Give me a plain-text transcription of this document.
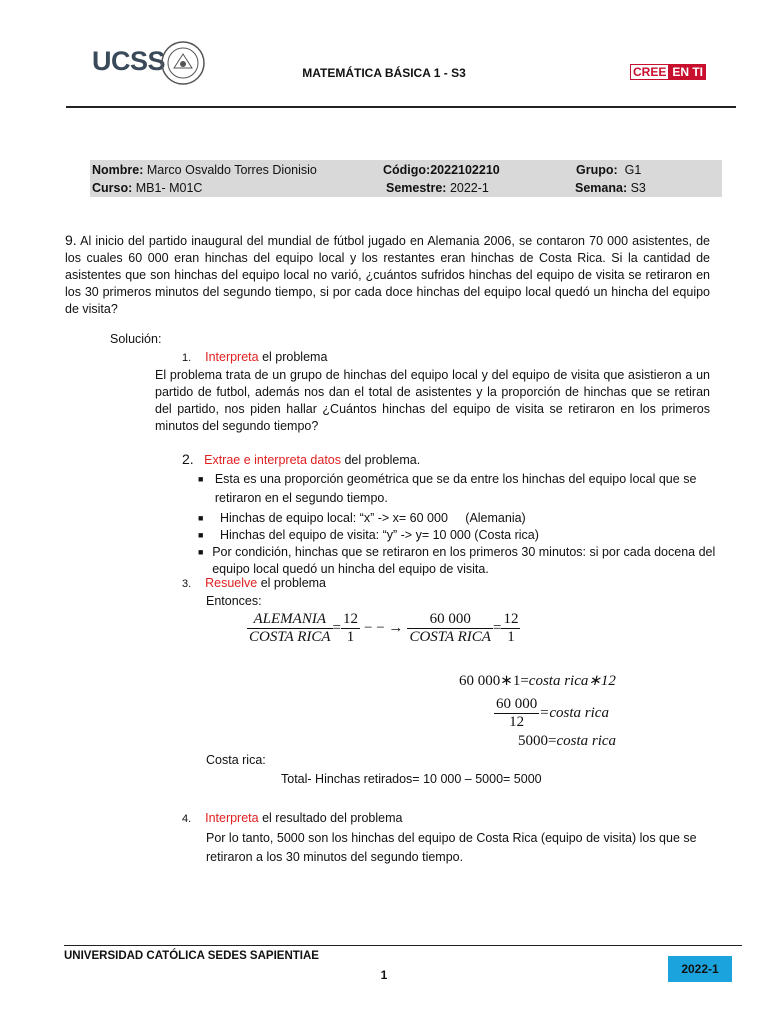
UCSS	MATEMÁTICA BÁSICA 1 - S3	CREE EN TI
Nombre: Marco Osvaldo Torres Dionisio	Código:2022102210	Grupo: G1
Curso: MB1- M01C	Semestre: 2022-1	Semana: S3

9. Al inicio del partido inaugural del mundial de fútbol jugado en Alemania 2006, se contaron 70 000 asistentes, de los cuales 60 000 eran hinchas del equipo local y los restantes eran hinchas de Costa Rica. Si la cantidad de asistentes que son hinchas del equipo local no varió, ¿cuántos sufridos hinchas del equipo de visita se retiraron en los 30 primeros minutos del segundo tiempo, si por cada doce hinchas del equipo local quedó un hincha del equipo de visita?

Solución:
1. Interpreta el problema

El problema trata de un grupo de hinchas del equipo local y del equipo de visita que asistieron a un partido de futbol, además nos dan el total de asistentes y la proporción de hinchas que se retiran del partido, nos piden hallar ¿Cuántos hinchas del equipo de visita se retiraron en los primeros minutos del segundo tiempo?

2. Extrae e interpreta datos del problema.
■ Esta es una proporción geométrica que se da entre los hinchas del equipo local que se retiraron en el segundo tiempo.
■	Hinchas de equipo local: “x” -> x= 60 000     (Alemania)
■	Hinchas del equipo de visita: “y” -> y= 10 000 (Costa rica)
■ Por condición, hinchas que se retiraron en los primeros 30 minutos: si por cada docena del equipo local quedó un hincha del equipo de visita.
3. Resuelve el problema
Entonces:
$\frac{\text{ALEMANIA}}{\text{COSTA RICA}} = \frac{12}{1}$ − − → $\frac{60 000}{\text{COSTA RICA}} = \frac{12}{1}$
60 000∗1=costa rica∗12
$\frac{60 000}{12}$ =costa rica
5000=costa rica
Costa rica:
Total- Hinchas retirados= 10 000 – 5000= 5000
4. Interpreta el resultado del problema

Por lo tanto, 5000 son los hinchas del equipo de Costa Rica (equipo de visita) los que se retiraron a los 30 minutos del segundo tiempo.

UNIVERSIDAD CATÓLICA SEDES SAPIENTIAE
1	2022-1
